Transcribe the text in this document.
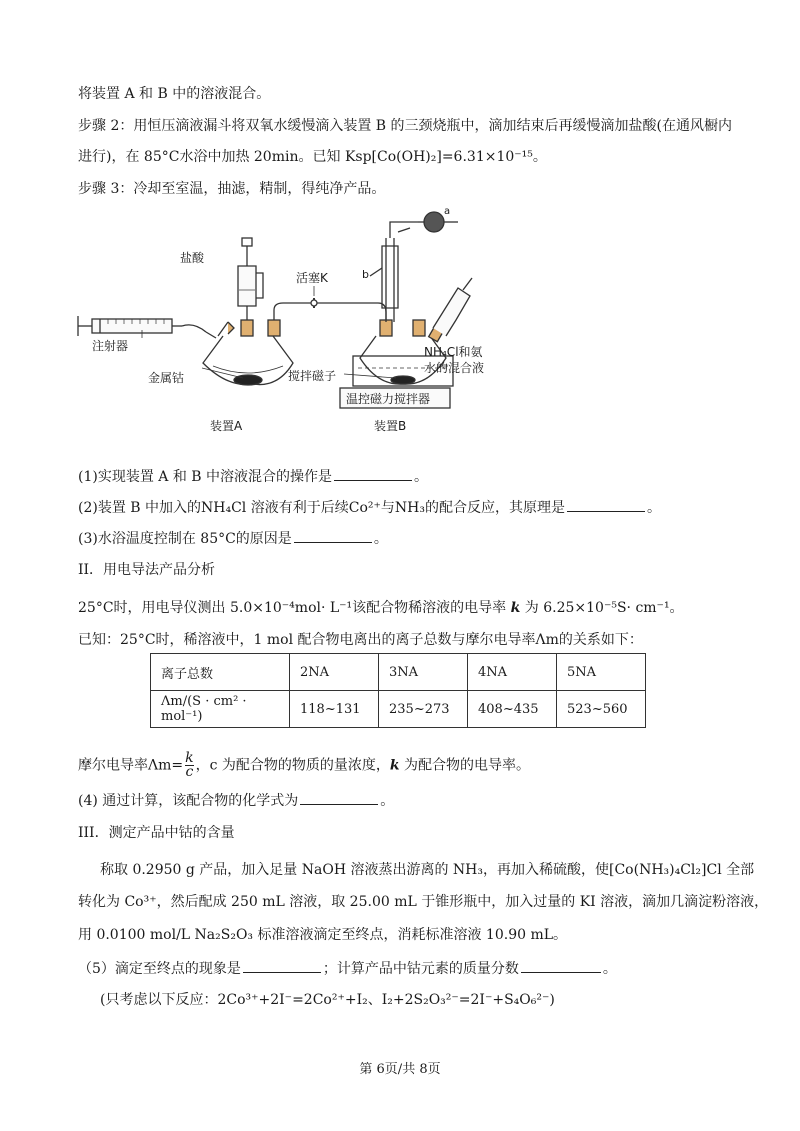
将装置 A 和 B 中的溶液混合。
步骤 2：用恒压滴液漏斗将双氧水缓慢滴入装置 B 的三颈烧瓶中，滴加结束后再缓慢滴加盐酸(在通风橱内
进行)，在 85°C水浴中加热 20min。已知 Ksp[Co(OH)₂]=6.31×10⁻¹⁵。
步骤 3：冷却至室温，抽滤，精制，得纯净产品。
盐酸
注射器
金属钴
活塞K
搅拌磁子
NH₄Cl和氨
水的混合液
温控磁力搅拌器
a
b
装置A	装置B
(1)实现装置 A 和 B 中溶液混合的操作是	。
(2)装置 B 中加入的NH₄Cl 溶液有利于后续Co²⁺与NH₃的配合反应，其原理是	。
(3)水浴温度控制在 85°C的原因是	。
II．用电导法产品分析
25°C时，用电导仪测出 5.0×10⁻⁴mol· L⁻¹该配合物稀溶液的电导率 k 为 6.25×10⁻⁵S· cm⁻¹。
已知：25°C时，稀溶液中，1 mol 配合物电离出的离子总数与摩尔电导率Λm的关系如下：
离子总数	2NA	3NA	4NA	5NA
Λm/(S · cm² · mol⁻¹)	118~131	235~273	408~435	523~560
摩尔电导率$\Lambda m= \frac{k}{c}$ ，c 为配合物的物质的量浓度，k 为配合物的电导率。
(4) 通过计算，该配合物的化学式为	。
III．测定产品中钴的含量
称取 0.2950 g 产品，加入足量 NaOH 溶液蒸出游离的 NH₃，再加入稀硫酸，使[Co(NH₃)₄Cl₂]Cl 全部
转化为 Co³⁺，然后配成 250 mL 溶液，取 25.00 mL 于锥形瓶中，加入过量的 KI 溶液，滴加几滴淀粉溶液，
用 0.0100 mol/L Na₂S₂O₃ 标准溶液滴定至终点，消耗标准溶液 10.90 mL。
（5）滴定至终点的现象是	；计算产品中钴元素的质量分数	。
(只考虑以下反应：2Co³⁺+2I⁻=2Co²⁺+I₂、I₂+2S₂O₃²⁻=2I⁻+S₄O₆²⁻)
第 6页/共 8页
